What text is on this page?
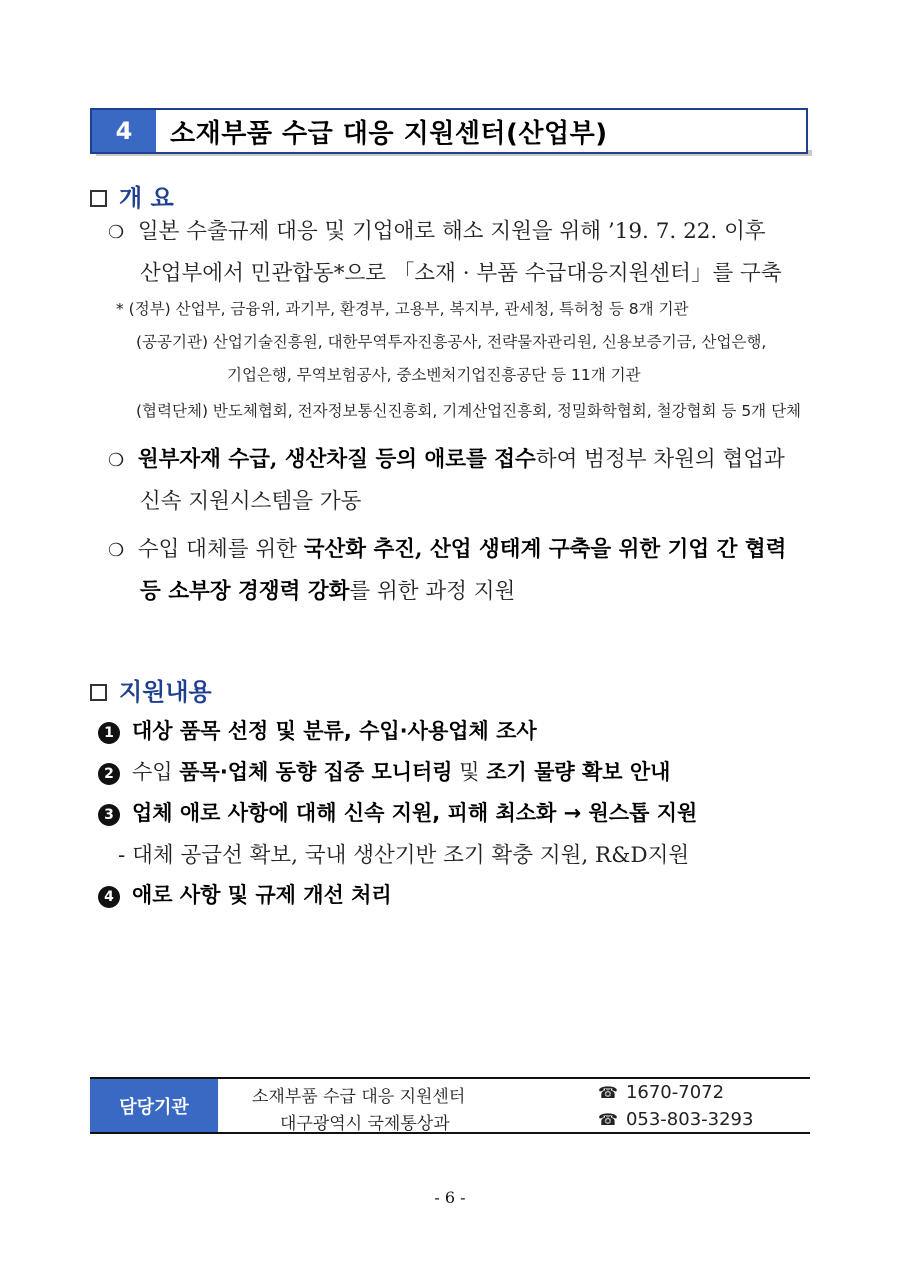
4	소재부품 수급 대응 지원센터(산업부)
개 요
❍ 일본 수출규제 대응 및 기업애로 해소 지원을 위해 ’19. 7. 22. 이후
산업부에서 민관합동*으로 「소재 · 부품 수급대응지원센터」를 구축
* (정부) 산업부, 금융위, 과기부, 환경부, 고용부, 복지부, 관세청, 특허청 등 8개 기관
(공공기관) 산업기술진흥원, 대한무역투자진흥공사, 전략물자관리원, 신용보증기금, 산업은행,
기업은행, 무역보험공사, 중소벤처기업진흥공단 등 11개 기관
(협력단체) 반도체협회, 전자정보통신진흥회, 기계산업진흥회, 정밀화학협회, 철강협회 등 5개 단체
❍ 원부자재 수급, 생산차질 등의 애로를 접수하여 범정부 차원의 협업과
신속 지원시스템을 가동
❍ 수입 대체를 위한 국산화 추진, 산업 생태계 구축을 위한 기업 간 협력
등 소부장 경쟁력 강화를 위한 과정 지원
지원내용
1 대상 품목 선정 및 분류, 수입·사용업체 조사
2 수입 품목·업체 동향 집중 모니터링 및 조기 물량 확보 안내
3 업체 애로 사항에 대해 신속 지원, 피해 최소화 → 원스톱 지원
- 대체 공급선 확보, 국내 생산기반 조기 확충 지원, R&D지원
4 애로 사항 및 규제 개선 처리
담당기관	소재부품 수급 대응 지원센터
대구광역시 국제통상과
☎ 1670-7072
☎ 053-803-3293
- 6 -
